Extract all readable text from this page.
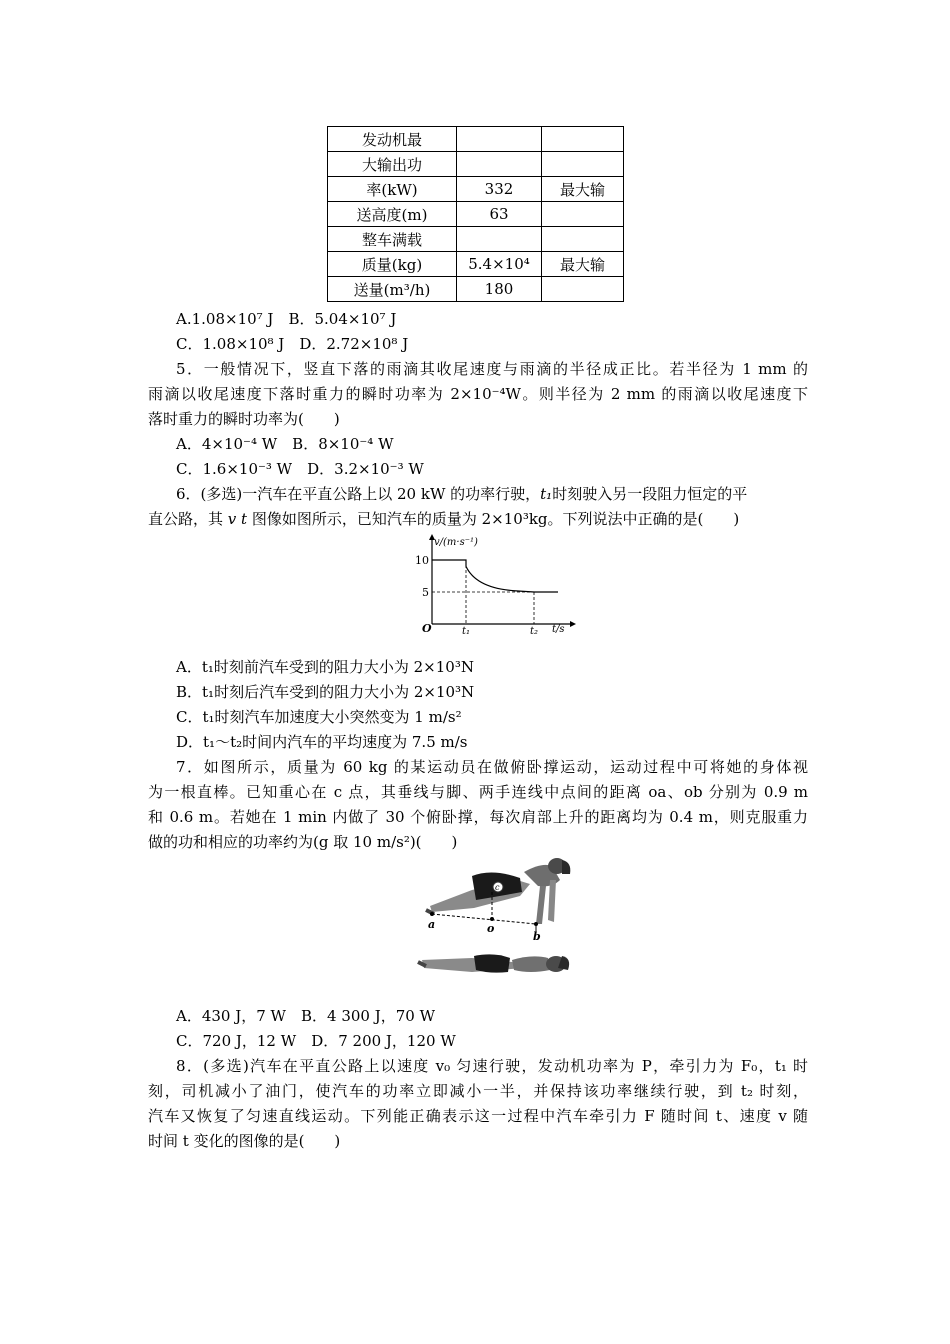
发动机最		
大输出功		
率(kW)	332	最大输
送高度(m)	63	
整车满载		
质量(kg)	5.4×10⁴	最大输
送量(m³/h)	180	
A.1.08×10⁷ J　 B．5.04×10⁷ J
C．1.08×10⁸ J　 D．2.72×10⁸ J
5．一般情况下，竖直下落的雨滴其收尾速度与雨滴的半径成正比。若半径为 1 mm 的
雨滴以收尾速度下落时重力的瞬时功率为 2×10⁻⁴W。则半径为 2 mm 的雨滴以收尾速度下
落时重力的瞬时功率为(　　)
A．4×10⁻⁴ W　 B．8×10⁻⁴ W
C．1.6×10⁻³ W　 D．3.2×10⁻³ W
6．(多选)一汽车在平直公路上以 20 kW 的功率行驶，t₁时刻驶入另一段阻力恒定的平
直公路，其 v t 图像如图所示，已知汽车的质量为 2×10³kg。下列说法中正确的是(　　)
v/(m·s⁻¹)
t/s
O
10
5
t₁	t₂
A．t₁时刻前汽车受到的阻力大小为 2×10³N
B．t₁时刻后汽车受到的阻力大小为 2×10³N
C．t₁时刻汽车加速度大小突然变为 1 m/s²
D．t₁～t₂时间内汽车的平均速度为 7.5 m/s
7．如图所示，质量为 60 kg 的某运动员在做俯卧撑运动，运动过程中可将她的身体视
为一根直棒。已知重心在 c 点，其垂线与脚、两手连线中点间的距离 oa、ob 分别为 0.9 m
和 0.6 m。若她在 1 min 内做了 30 个俯卧撑，每次肩部上升的距离均为 0.4 m，则克服重力
做的功和相应的功率约为(g 取 10 m/s²)(　　)
c
a	o
b
A．430 J，7 W　 B．4 300 J，70 W
C．720 J，12 W　 D．7 200 J，120 W
8．(多选)汽车在平直公路上以速度 v₀ 匀速行驶，发动机功率为 P，牵引力为 F₀，t₁ 时
刻，司机减小了油门，使汽车的功率立即减小一半，并保持该功率继续行驶，到 t₂ 时刻，
汽车又恢复了匀速直线运动。下列能正确表示这一过程中汽车牵引力 F 随时间 t、速度 v 随
时间 t 变化的图像的是(　　)
